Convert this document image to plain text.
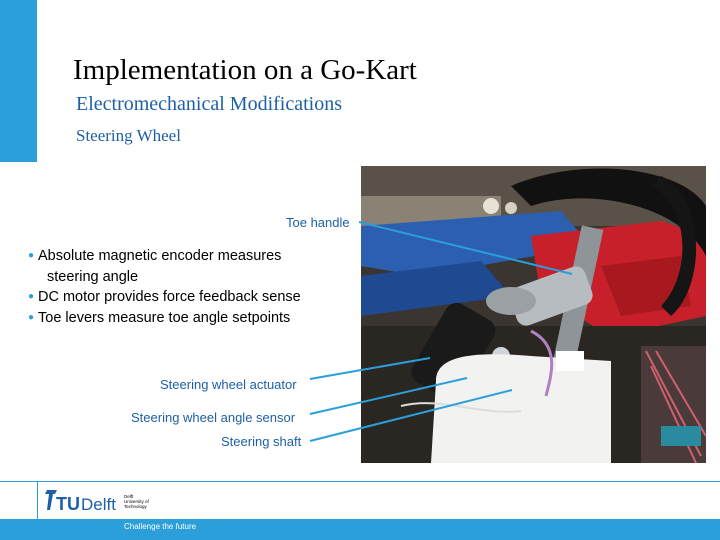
Implementation on a Go-Kart
Electromechanical Modifications
Steering Wheel
Toe handle
Steering wheel actuator
Steering wheel angle sensor
Steering shaft
● Absolute magnetic encoder measures
steering angle
● DC motor provides force feedback sense
● Toe levers measure toe angle setpoints
TU Delft Delft
University of
Technology
Challenge the future
